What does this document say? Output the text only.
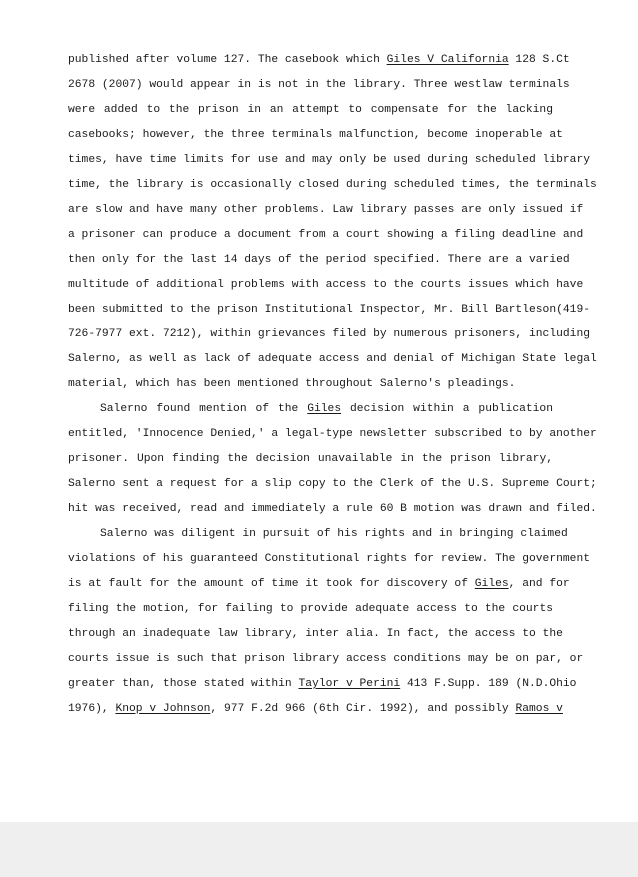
published after volume 127. The casebook which Giles V California 128 S.Ct
2678 (2007) would appear in is not in the library. Three westlaw terminals
were added to the prison in an attempt to compensate for the lacking
casebooks; however, the three terminals malfunction, become inoperable at
times, have time limits for use and may only be used during scheduled library
time, the library is occasionally closed during scheduled times, the terminals
are slow and have many other problems. Law library passes are only issued if
a prisoner can produce a document from a court showing a filing deadline and
then only for the last 14 days of the period specified. There are a varied
multitude of additional problems with access to the courts issues which have
been submitted to the prison Institutional Inspector, Mr. Bill Bartleson(419-
726-7977 ext. 7212), within grievances filed by numerous prisoners, including
Salerno, as well as lack of adequate access and denial of Michigan State legal
material, which has been mentioned throughout Salerno's pleadings.
Salerno found mention of the Giles decision within a publication
entitled, 'Innocence Denied,' a legal-type newsletter subscribed to by another
prisoner. Upon finding the decision unavailable in the prison library,
Salerno sent a request for a slip copy to the Clerk of the U.S. Supreme Court;
hit was received, read and immediately a rule 60 B motion was drawn and filed.
Salerno was diligent in pursuit of his rights and in bringing claimed
violations of his guaranteed Constitutional rights for review. The government
is at fault for the amount of time it took for discovery of Giles, and for
filing the motion, for failing to provide adequate access to the courts
through an inadequate law library, inter alia. In fact, the access to the
courts issue is such that prison library access conditions may be on par, or
greater than, those stated within Taylor v Perini 413 F.Supp. 189 (N.D.Ohio
1976), Knop v Johnson, 977 F.2d 966 (6th Cir. 1992), and possibly Ramos v
